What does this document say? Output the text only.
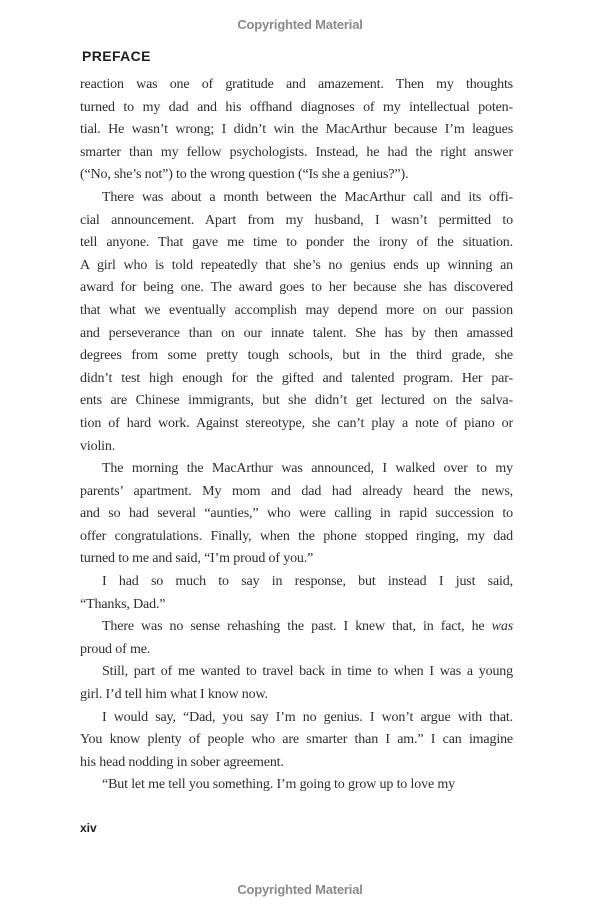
Copyrighted Material
PREFACE
reaction was one of gratitude and amazement. Then my thoughts
turned to my dad and his offhand diagnoses of my intellectual poten-
tial. He wasn’t wrong; I didn’t win the MacArthur because I’m leagues
smarter than my fellow psychologists. Instead, he had the right answer
(“No, she’s not”) to the wrong question (“Is she a genius?”).
There was about a month between the MacArthur call and its offi-
cial announcement. Apart from my husband, I wasn’t permitted to
tell anyone. That gave me time to ponder the irony of the situation.
A girl who is told repeatedly that she’s no genius ends up winning an
award for being one. The award goes to her because she has discovered
that what we eventually accomplish may depend more on our passion
and perseverance than on our innate talent. She has by then amassed
degrees from some pretty tough schools, but in the third grade, she
didn’t test high enough for the gifted and talented program. Her par-
ents are Chinese immigrants, but she didn’t get lectured on the salva-
tion of hard work. Against stereotype, she can’t play a note of piano or
violin.
The morning the MacArthur was announced, I walked over to my
parents’ apartment. My mom and dad had already heard the news,
and so had several “aunties,” who were calling in rapid succession to
offer congratulations. Finally, when the phone stopped ringing, my dad
turned to me and said, “I’m proud of you.”
I had so much to say in response, but instead I just said,
“Thanks, Dad.”
There was no sense rehashing the past. I knew that, in fact, he was
proud of me.
Still, part of me wanted to travel back in time to when I was a young
girl. I’d tell him what I know now.
I would say, “Dad, you say I’m no genius. I won’t argue with that.
You know plenty of people who are smarter than I am.” I can imagine
his head nodding in sober agreement.
“But let me tell you something. I’m going to grow up to love my
xiv
Copyrighted Material
